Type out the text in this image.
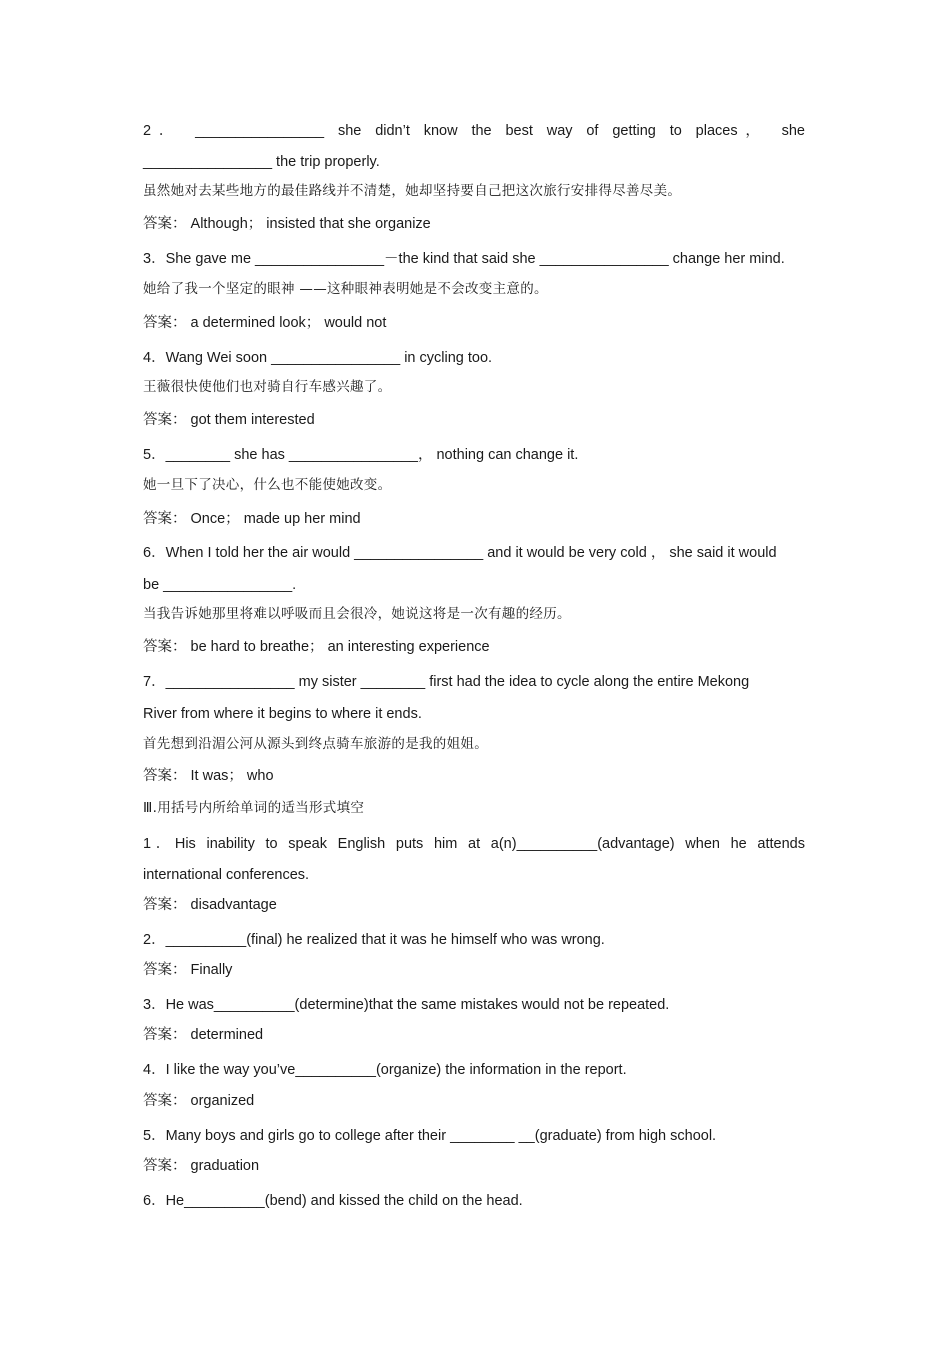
2． ________________ she didn’t know the best way of getting to places， she
________________ the trip properly.
虽然她对去某些地方的最佳路线并不清楚，她却坚持要自己把这次旅行安排得尽善尽美。
答案： Although； insisted that she organize
3．She gave me ________________－the kind that said she ________________ change her mind.
她给了我一个坚定的眼神 ——这种眼神表明她是不会改变主意的。
答案： a determined look； would not
4．Wang Wei soon ________________ in cycling too.
王薇很快使他们也对骑自行车感兴趣了。
答案： got them interested
5．________ she has ________________， nothing can change it.
她一旦下了决心，什么也不能使她改变。
答案： Once； made up her mind
6．When I told her the air would ________________ and it would be very cold ， she said it would
be ________________.
当我告诉她那里将难以呼吸而且会很冷，她说这将是一次有趣的经历。
答案： be hard to breathe； an interesting experience
7．________________ my sister ________ first had the idea to cycle along the entire Mekong
River from where it begins to where it ends.
首先想到沿湄公河从源头到终点骑车旅游的是我的姐姐。
答案： It was； who
Ⅲ.用括号内所给单词的适当形式填空
1．His inability to speak English puts him at a(n)__________(advantage) when he attends
international conferences.
答案： disadvantage
2．__________(final) he realized that it was he himself who was wrong.
答案： Finally
3．He was__________(determine)that the same mistakes would not be repeated.
答案： determined
4．I like the way you’ve__________(organize) the information in the report.
答案： organized
5．Many boys and girls go to college after their ________ __(graduate) from high school.
答案： graduation
6．He__________(bend) and kissed the child on the head.
